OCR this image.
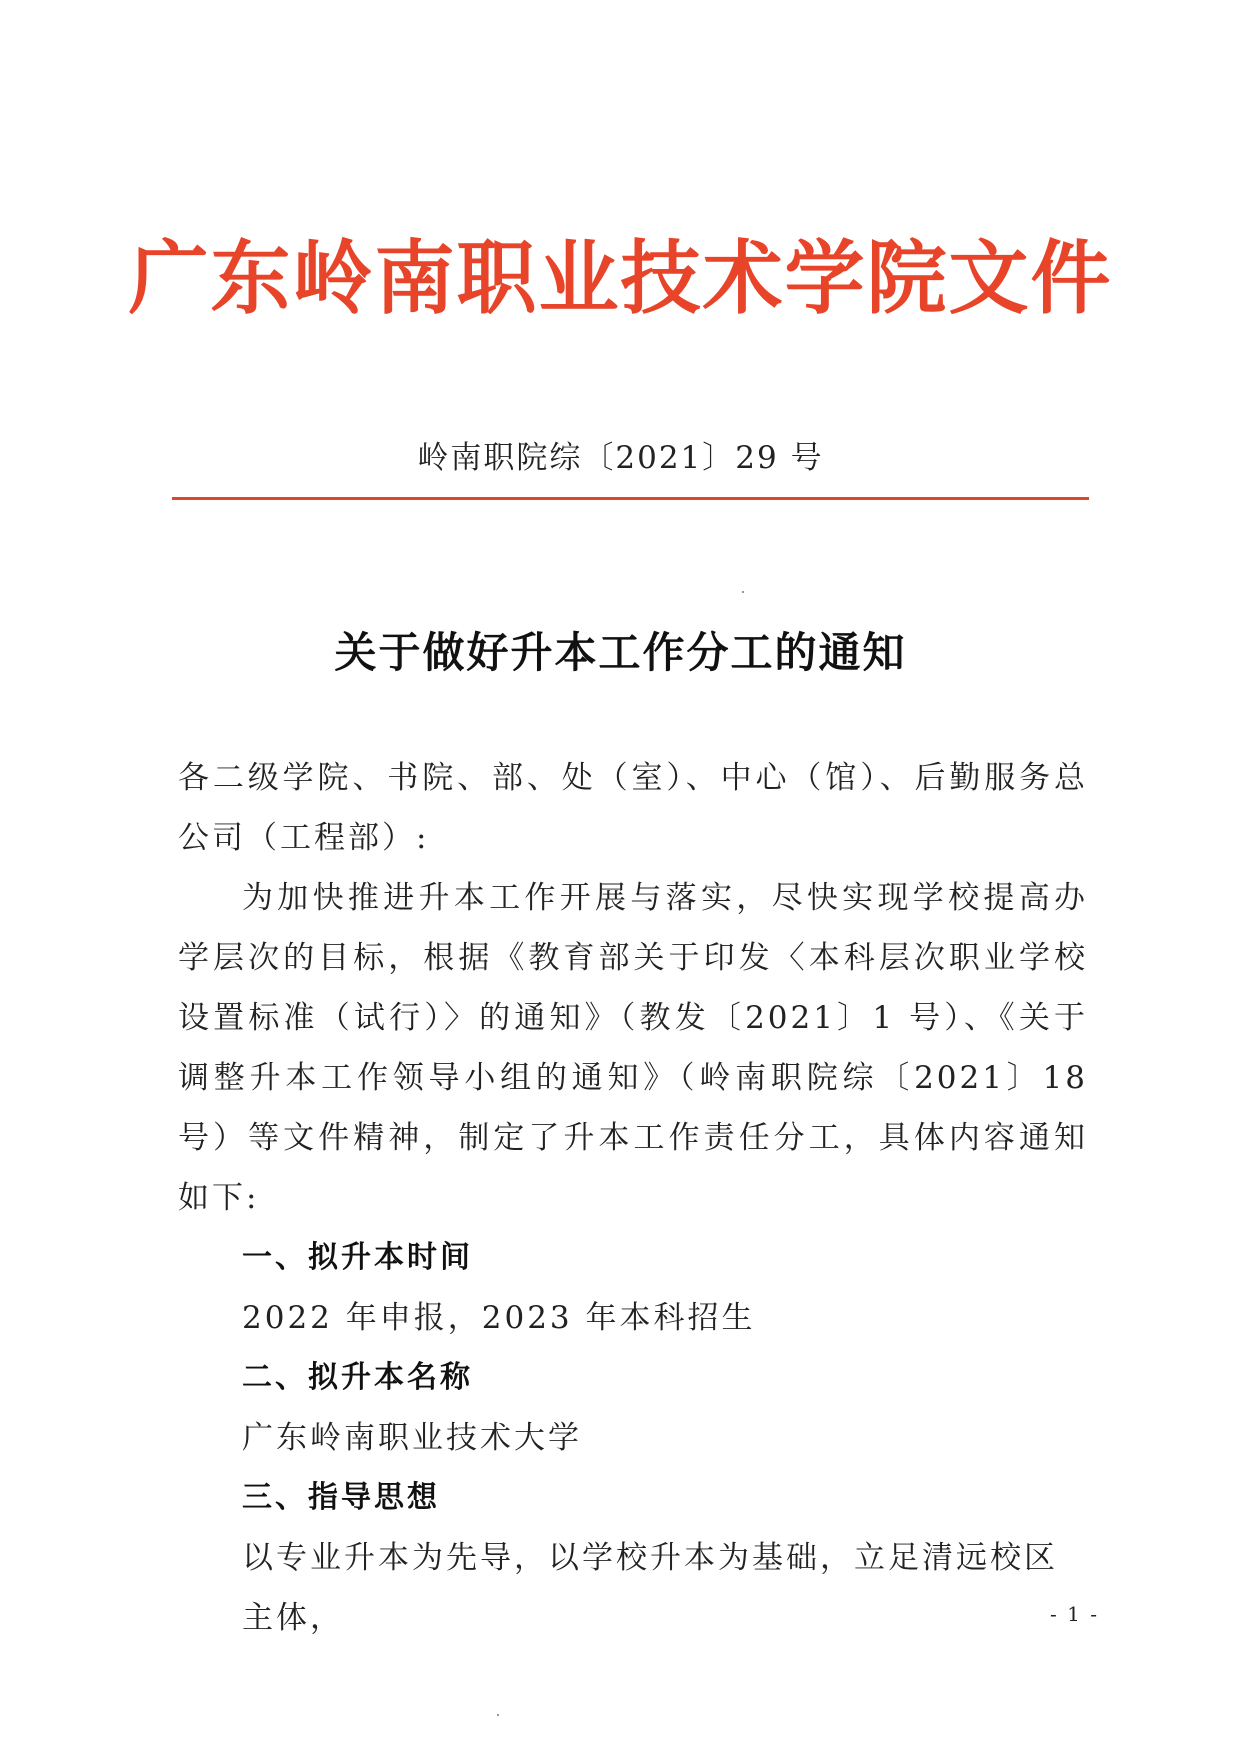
广东岭南职业技术学院文件
岭南职院综〔2021〕29 号
关于做好升本工作分工的通知

各二级学院、书院、部、处（室）、中心（馆）、后勤服务总公司（工程部）:

为加快推进升本工作开展与落实，尽快实现学校提高办学层次的目标，根据《教育部关于印发〈本科层次职业学校设置标准（试行）〉的通知》（教发〔2021〕1 号）、《关于调整升本工作领导小组的通知》（岭南职院综〔2021〕18 号）等文件精神，制定了升本工作责任分工，具体内容通知如下:

一、拟升本时间

2022 年申报，2023 年本科招生

二、拟升本名称

广东岭南职业技术大学

三、指导思想

以专业升本为先导，以学校升本为基础，立足清远校区主体，	- 1 -
